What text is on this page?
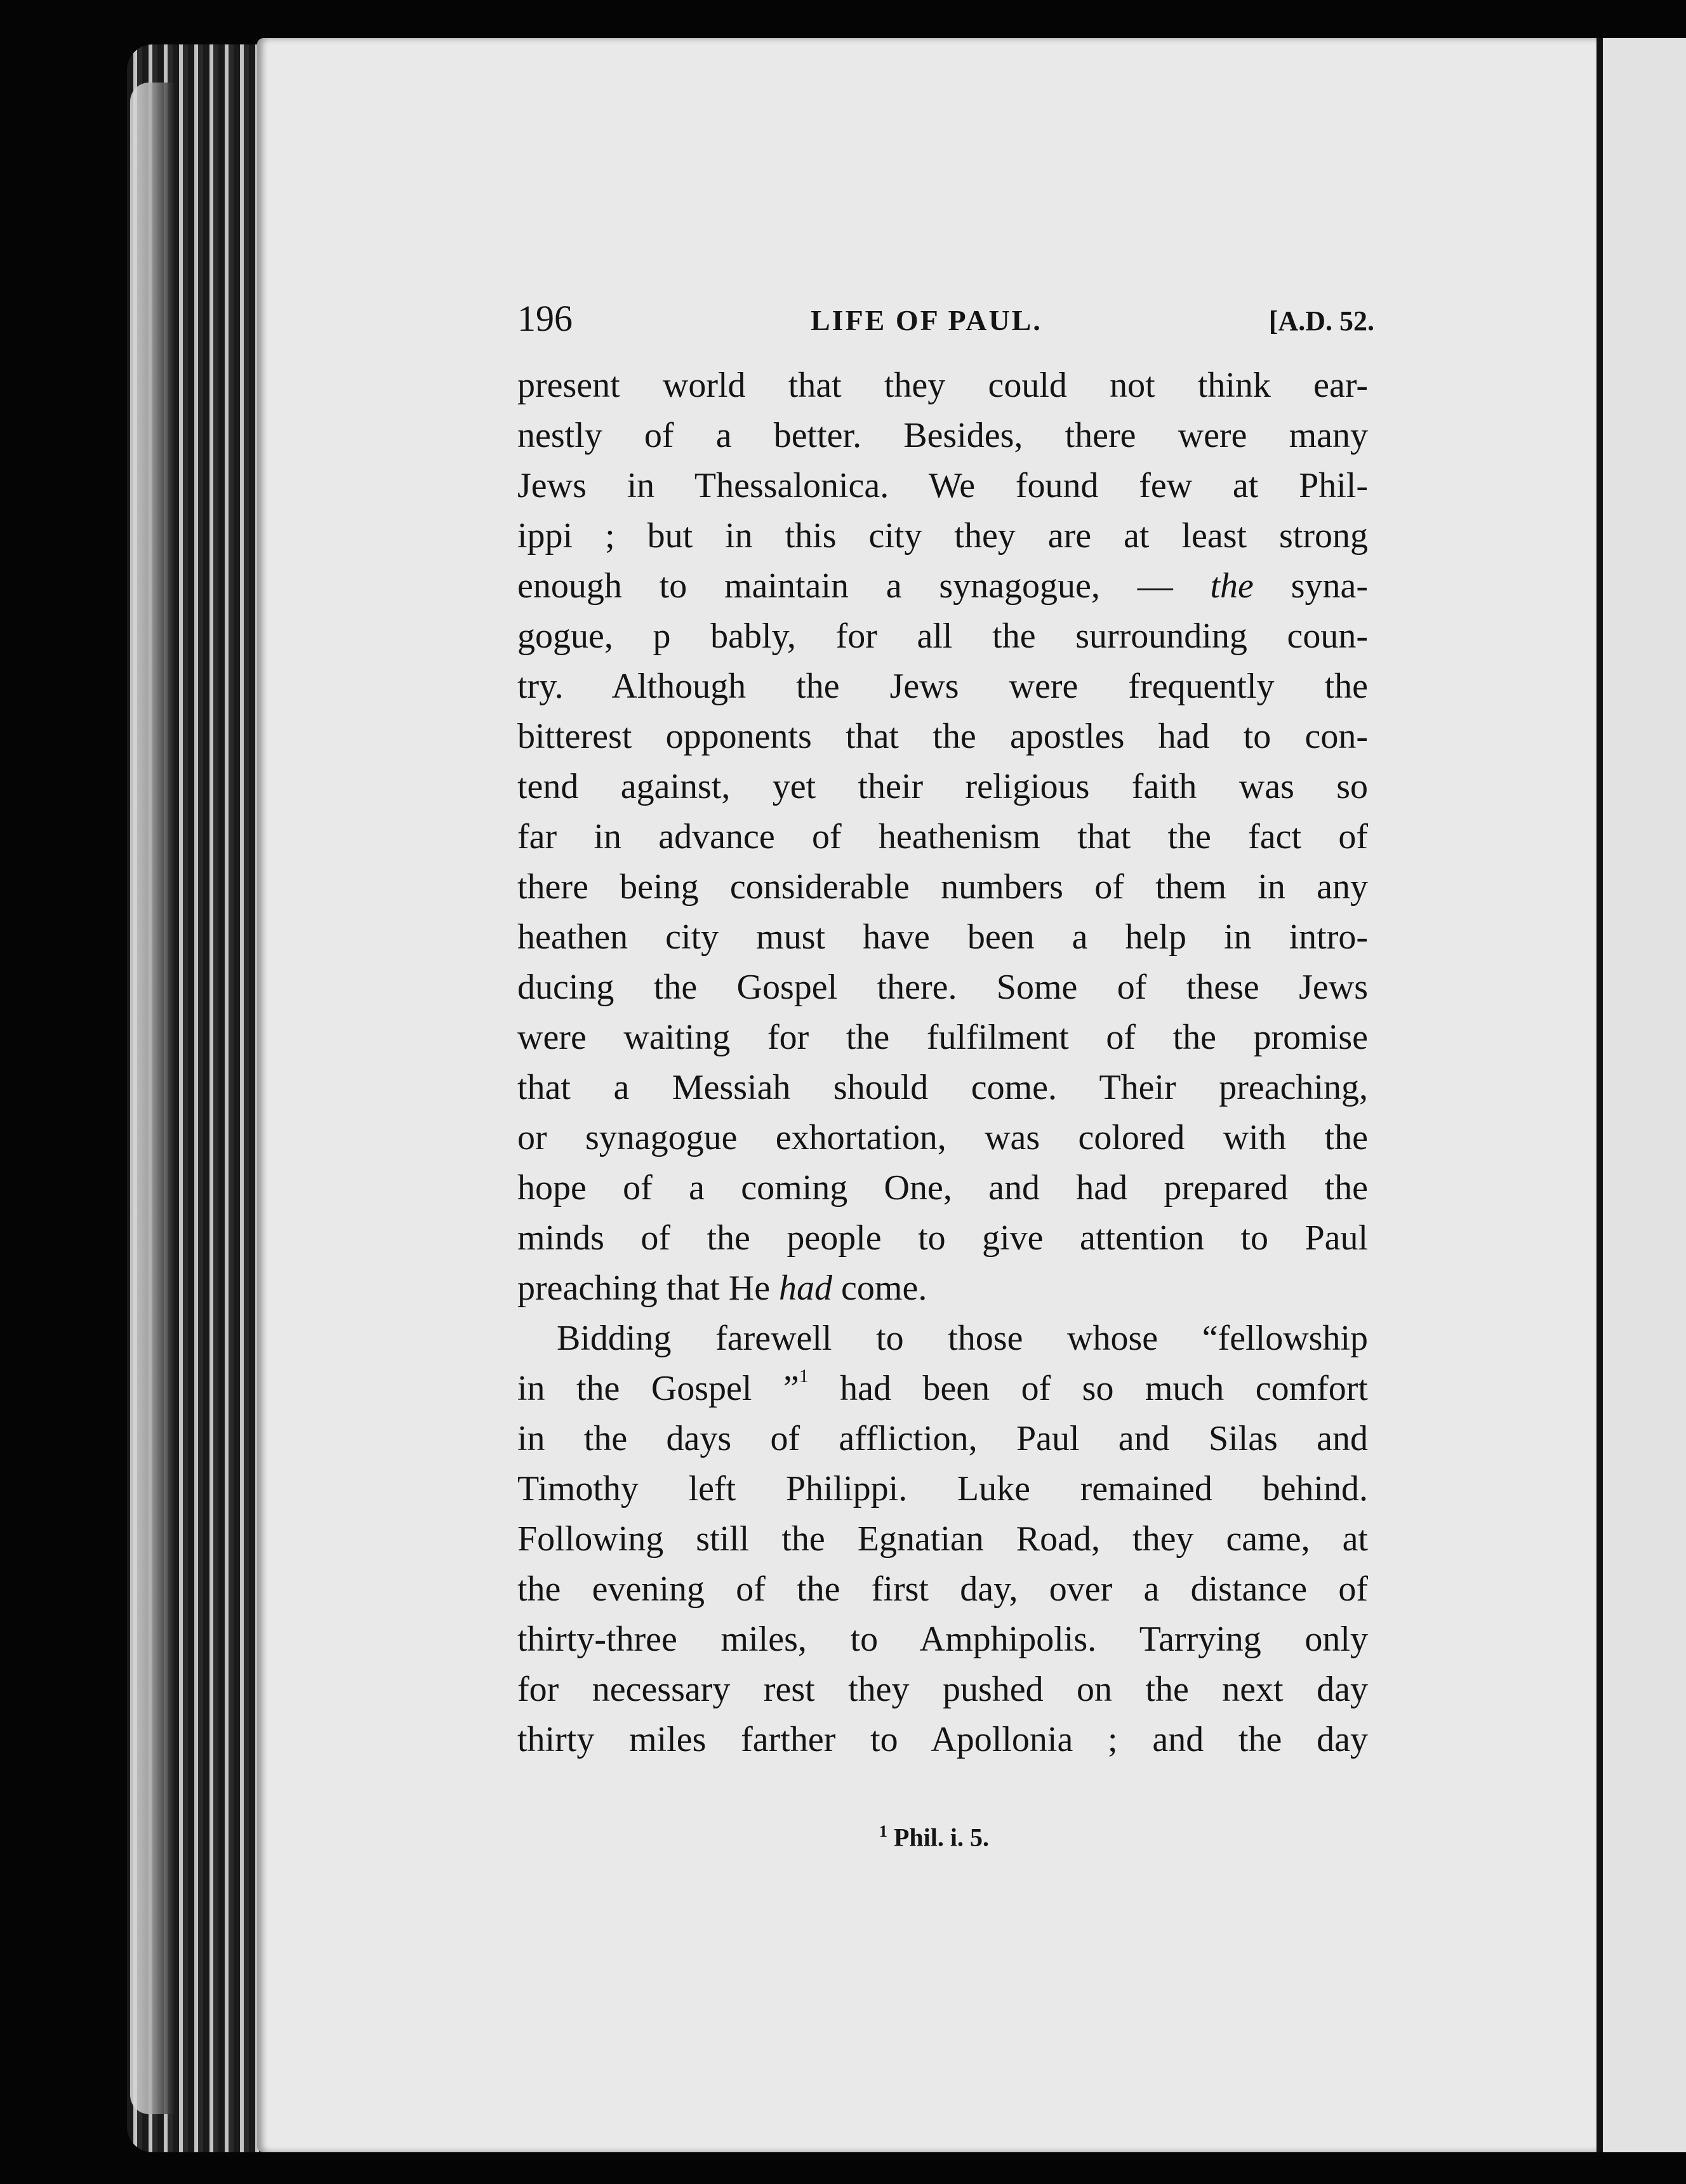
196	LIFE OF PAUL.	[A.D. 52.
present world that they could not think ear-
nestly of a better. Besides, there were many
Jews in Thessalonica. We found few at Phil-
ippi ; but in this city they are at least strong
enough to maintain a synagogue, — the syna-
gogue, p bably, for all the surrounding coun-
try. Although the Jews were frequently the
bitterest opponents that the apostles had to con-
tend against, yet their religious faith was so
far in advance of heathenism that the fact of
there being considerable numbers of them in any
heathen city must have been a help in intro-
ducing the Gospel there. Some of these Jews
were waiting for the fulfilment of the promise
that a Messiah should come. Their preaching,
or synagogue exhortation, was colored with the
hope of a coming One, and had prepared the
minds of the people to give attention to Paul
preaching that He had come.
Bidding farewell to those whose “fellowship
in the Gospel ”$^1$ had been of so much comfort
in the days of affliction, Paul and Silas and
Timothy left Philippi. Luke remained behind.
Following still the Egnatian Road, they came, at
the evening of the first day, over a distance of
thirty-three miles, to Amphipolis. Tarrying only
for necessary rest they pushed on the next day
thirty miles farther to Apollonia ; and the day
$^1$ Phil. i. 5.
